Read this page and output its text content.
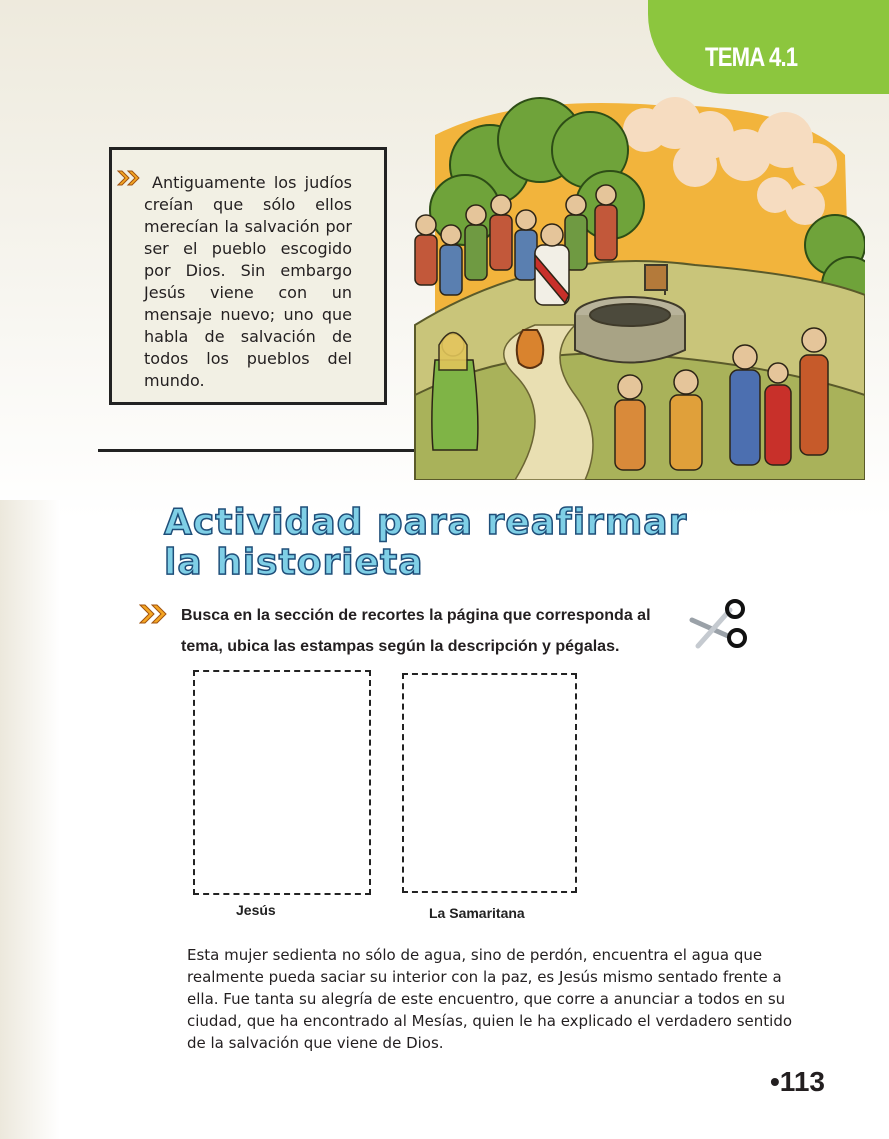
TEMA 4.1

Antiguamente los judíos creían que sólo ellos merecían la salvación por ser el pueblo escogido por Dios. Sin embargo Jesús viene con un mensaje nuevo; uno que habla de salvación de todos los pueblos del mundo.

Actividad para reafirmar
la historieta

Busca en la sección de recortes la página que corresponda al tema, ubica las estampas según la descripción y pégalas.

Jesús	La Samaritana

Esta mujer sedienta no sólo de agua, sino de perdón, encuentra el agua que realmente pueda saciar su interior con la paz, es Jesús mismo sentado frente a ella. Fue tanta su alegría de este encuentro, que corre a anunciar a todos en su ciudad, que ha encontrado al Mesías, quien le ha explicado el verdadero sentido de la salvación que viene de Dios.

•113
